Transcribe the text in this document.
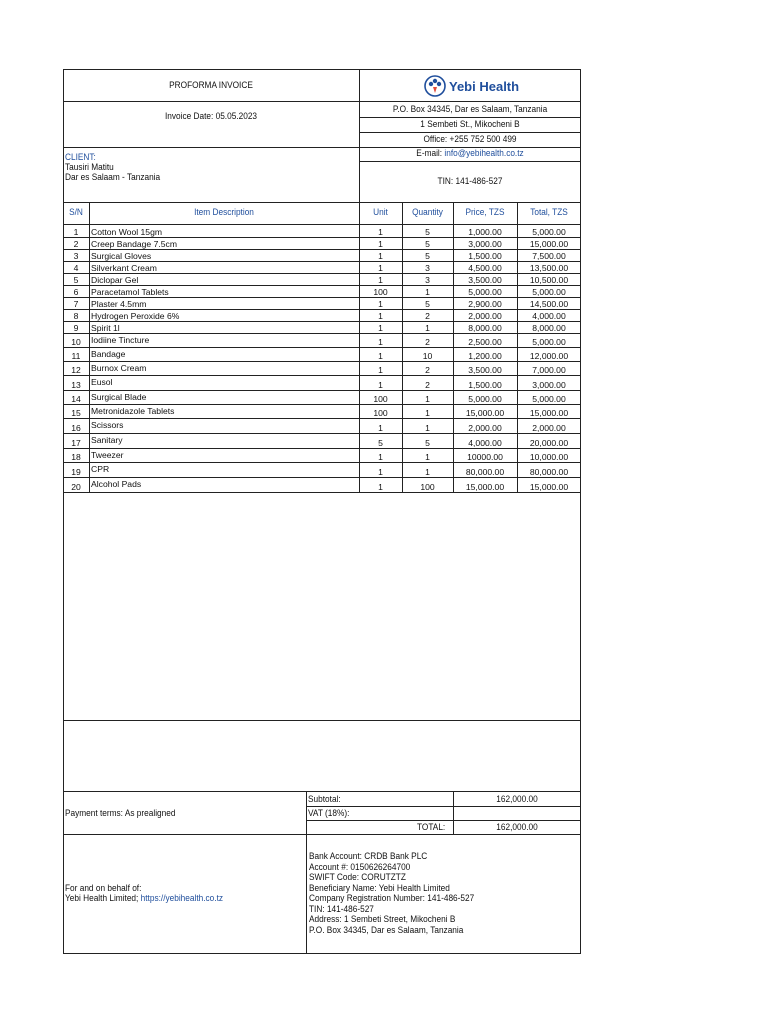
PROFORMA INVOICE
Invoice Date: 05.05.2023
Yebi Health
P.O. Box 34345, Dar es Salaam, Tanzania
1 Sembeti St., Mikocheni B
Office: +255 752 500 499
E-mail: info@yebihealth.co.tz
TIN: 141-486-527
CLIENT:
Tausiri Matitu
Dar es Salaam - Tanzania
S/N	Item Description	Unit	Quantity	Price, TZS	Total, TZS
1	Cotton Wool 15gm	1	5	1,000.00	5,000.00
2	Creep Bandage 7.5cm	1	5	3,000.00	15,000.00
3	Surgical Gloves	1	5	1,500.00	7,500.00
4	Silverkant Cream	1	3	4,500.00	13,500.00
5	Diclopar Gel	1	3	3,500.00	10,500.00
6	Paracetamol Tablets	100	1	5,000.00	5,000.00
7	Plaster 4.5mm	1	5	2,900.00	14,500.00
8	Hydrogen Peroxide 6%	1	2	2,000.00	4,000.00
9	Spirit 1l	1	1	8,000.00	8,000.00
10	Iodiine Tincture	1	2	2,500.00	5,000.00
11	Bandage	1	10	1,200.00	12,000.00
12	Burnox Cream	1	2	3,500.00	7,000.00
13	Eusol	1	2	1,500.00	3,000.00
14	Surgical Blade	100	1	5,000.00	5,000.00
15	Metronidazole Tablets	100	1	15,000.00	15,000.00
16	Scissors	1	1	2,000.00	2,000.00
17	Sanitary	5	5	4,000.00	20,000.00
18	Tweezer	1	1	10000.00	10,000.00
19	CPR	1	1	80,000.00	80,000.00
20	Alcohol Pads	1	100	15,000.00	15,000.00
Payment terms: As prealigned
Subtotal:	162,000.00
VAT (18%):
TOTAL:	162,000.00
For and on behalf of:
Yebi Health Limited; https://yebihealth.co.tz
Bank Account: CRDB Bank PLC
Account #: 0150626264700
SWIFT Code: CORUTZTZ
Beneficiary Name: Yebi Health Limited
Company Registration Number: 141-486-527
TIN: 141-486-527
Address: 1 Sembeti Street, Mikocheni B
P.O. Box 34345, Dar es Salaam, Tanzania
